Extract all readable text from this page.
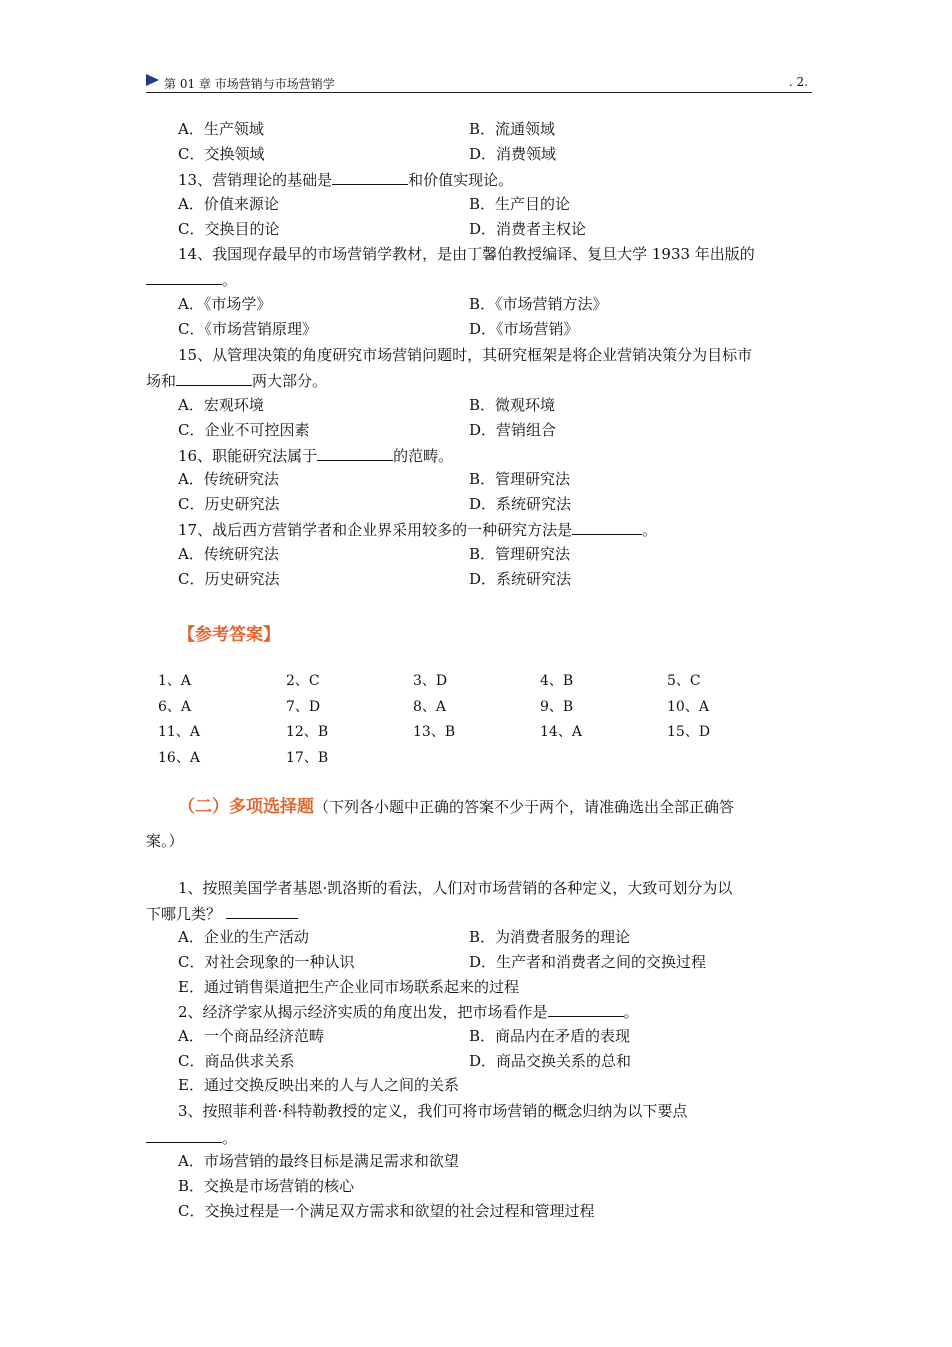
第 01 章 市场营销与市场营销学	. 2.
A．生产领域	B．流通领域
C．交换领域	D．消费领域
13、营销理论的基础是	和价值实现论。
A．价值来源论	B．生产目的论
C．交换目的论	D．消费者主权论
14、我国现存最早的市场营销学教材，是由丁馨伯教授编译、复旦大学 1933 年出版的
。
A．《市场学》	B．《市场营销方法》
C．《市场营销原理》	D．《市场营销》
15、从管理决策的角度研究市场营销问题时，其研究框架是将企业营销决策分为目标市
场和	两大部分。
A．宏观环境	B．微观环境
C．企业不可控因素	D．营销组合
16、职能研究法属于	的范畴。
A．传统研究法	B．管理研究法
C．历史研究法	D．系统研究法
17、战后西方营销学者和企业界采用较多的一种研究方法是	。
A．传统研究法	B．管理研究法
C．历史研究法	D．系统研究法
【参考答案】
1、A	2、C	3、D	4、B	5、C
6、A	7、D	8、A	9、B	10、A
11、A	12、B	13、B	14、A	15、D
16、A	17、B
（二）多项选择题（下列各小题中正确的答案不少于两个，请准确选出全部正确答
案。）
1、按照美国学者基恩·凯洛斯的看法，人们对市场营销的各种定义，大致可划分为以
下哪几类？
A．企业的生产活动	B．为消费者服务的理论
C．对社会现象的一种认识	D．生产者和消费者之间的交换过程
E．通过销售渠道把生产企业同市场联系起来的过程
2、经济学家从揭示经济实质的角度出发，把市场看作是	。
A．一个商品经济范畴	B．商品内在矛盾的表现
C．商品供求关系	D．商品交换关系的总和
E．通过交换反映出来的人与人之间的关系
3、按照菲利普·科特勒教授的定义，我们可将市场营销的概念归纳为以下要点
。
A．市场营销的最终目标是满足需求和欲望
B．交换是市场营销的核心
C．交换过程是一个满足双方需求和欲望的社会过程和管理过程
